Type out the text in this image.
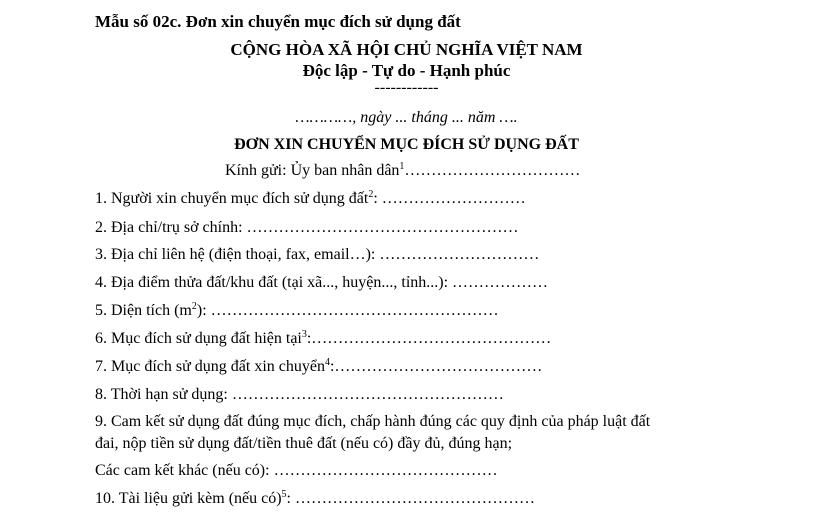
Mẫu số 02c. Đơn xin chuyển mục đích sử dụng đất
CỘNG HÒA XÃ HỘI CHỦ NGHĨA VIỆT NAM
Độc lập - Tự do - Hạnh phúc
------------
…………, ngày ... tháng ... năm ….
ĐƠN XIN CHUYỂN MỤC ĐÍCH SỬ DỤNG ĐẤT
Kính gửi: Ủy ban nhân dân$^1$……………………………
1. Người xin chuyển mục đích sử dụng đất$^2$: ………………………
2. Địa chỉ/trụ sở chính: ……………………………………………
3. Địa chỉ liên hệ (điện thoại, fax, email…): …………………………
4. Địa điểm thửa đất/khu đất (tại xã..., huyện..., tỉnh...): ………………
5. Diện tích $(m^2)$: ………………………………………………
6. Mục đích sử dụng đất hiện tại$^3$:………………………………………
7. Mục đích sử dụng đất xin chuyển$^4$:…………………………………
8. Thời hạn sử dụng: ……………………………………………
9. Cam kết sử dụng đất đúng mục đích, chấp hành đúng các quy định của pháp luật đất
đai, nộp tiền sử dụng đất/tiền thuê đất (nếu có) đầy đủ, đúng hạn;
Các cam kết khác (nếu có): ……………………………………
10. Tài liệu gửi kèm (nếu có)$^5$: ………………………………………
